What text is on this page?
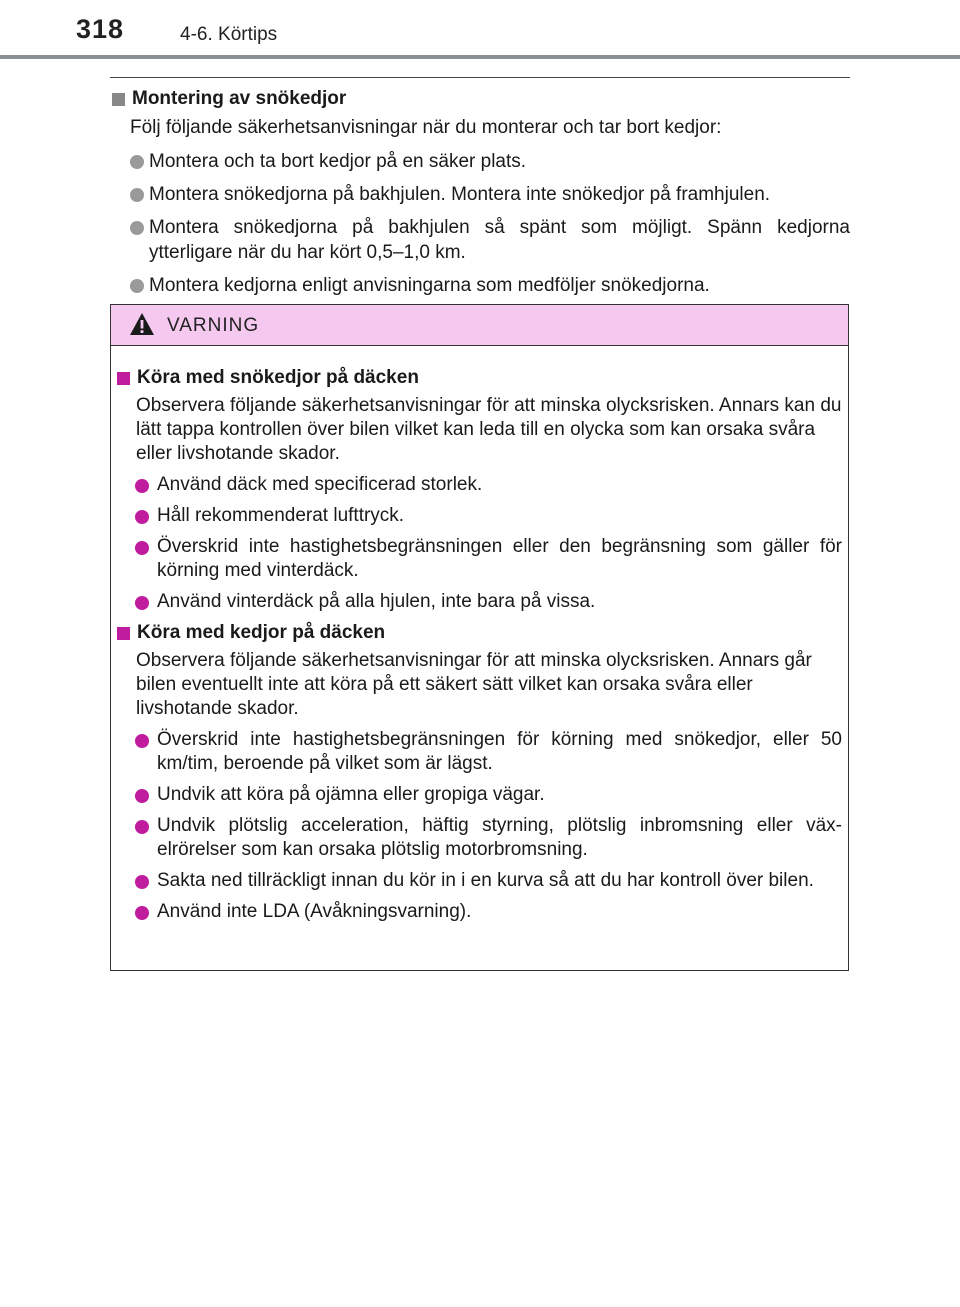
318	4-6. Körtips
Montering av snökedjor
Följ följande säkerhetsanvisningar när du monterar och tar bort kedjor:
Montera och ta bort kedjor på en säker plats.
Montera snökedjorna på bakhjulen. Montera inte snökedjor på framhjulen.
Montera snökedjorna på bakhjulen så spänt som möjligt. Spänn kedjorna ytterligare när du har kört 0,5–1,0 km.
Montera kedjorna enligt anvisningarna som medföljer snökedjorna.
VARNING
Köra med snökedjor på däcken
Observera följande säkerhetsanvisningar för att minska olycksrisken. Annars kan du lätt tappa kontrollen över bilen vilket kan leda till en olycka som kan orsaka svåra eller livshotande skador.
Använd däck med specificerad storlek.
Håll rekommenderat lufttryck.
Överskrid inte hastighetsbegränsningen eller den begränsning som gäller för körning med vinterdäck.
Använd vinterdäck på alla hjulen, inte bara på vissa.
Köra med kedjor på däcken
Observera följande säkerhetsanvisningar för att minska olycksrisken. Annars går bilen eventuellt inte att köra på ett säkert sätt vilket kan orsaka svåra eller livshotande skador.
Överskrid inte hastighetsbegränsningen för körning med snökedjor, eller 50 km/tim, beroende på vilket som är lägst.
Undvik att köra på ojämna eller gropiga vägar.
Undvik plötslig acceleration, häftig styrning, plötslig inbromsning eller väx-elrörelser som kan orsaka plötslig motorbromsning.
Sakta ned tillräckligt innan du kör in i en kurva så att du har kontroll över bilen.
Använd inte LDA (Avåkningsvarning).
